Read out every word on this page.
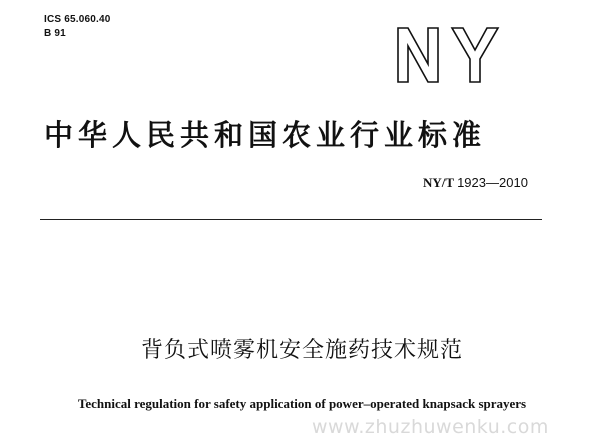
ICS 65.060.40
B 91
中华人民共和国农业行业标准
NY/T 1923—2010
背负式喷雾机安全施药技术规范
Technical regulation for safety application of power–operated knapsack sprayers
www.zhuzhuwenku.com
